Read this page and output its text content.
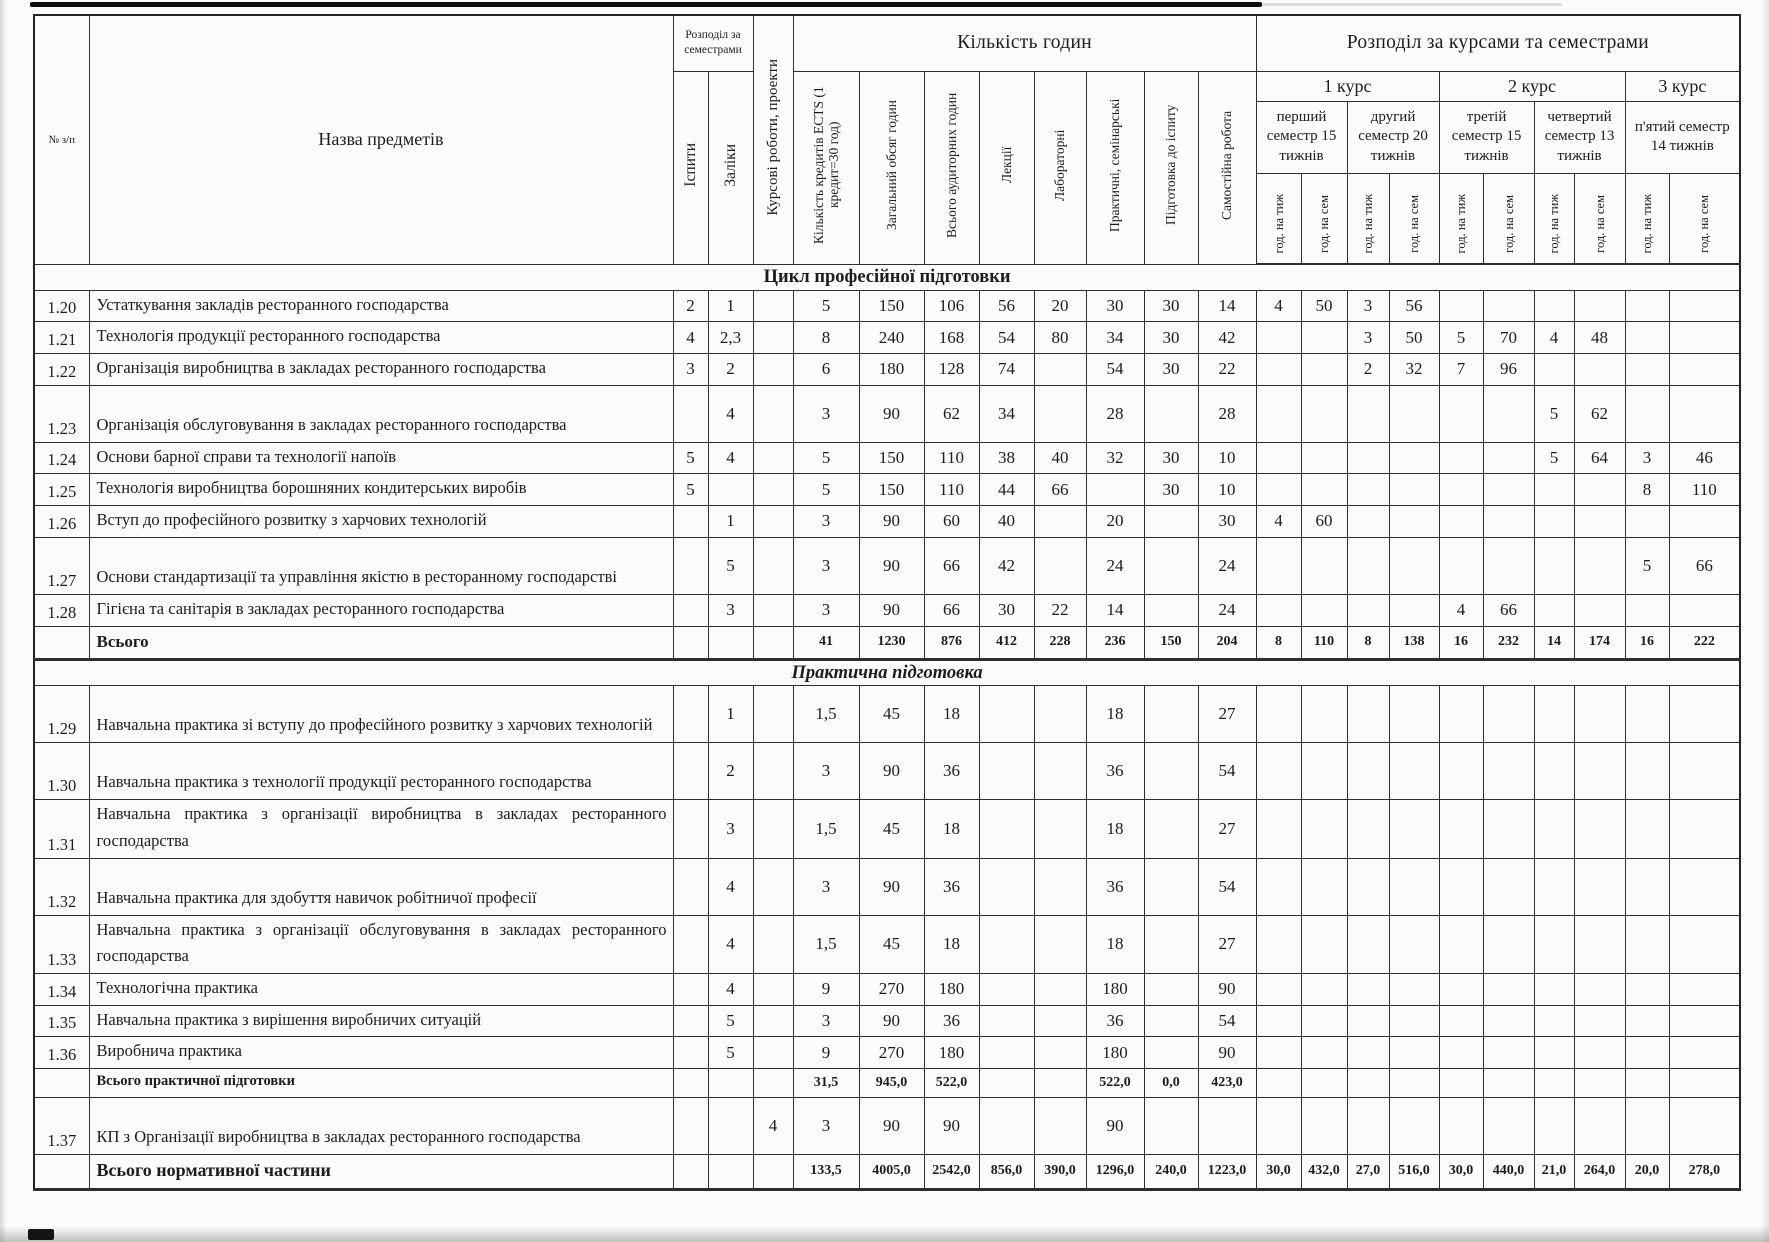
№ з/п	Назва предметів	Розподіл за семестрами		Курсові роботи, проекти	Кількість годин								Розподіл за курсами та семестрами									
		Іспити	Заліки		Кількість кредитів ECTS (1 кредит=30 год)	Загальний обсяг годин	Всього аудиторних годин	Лекції	Лабораторні	Практичні, семінарські	Підготовка до іспиту	Самостійна робота	1 курс				2 курс				3 курс	
													перший семестр 15 тижнів		другий семестр 20 тижнів		третій семестр 15 тижнів		четвертий семестр 13 тижнів		п'ятий семестр 14 тижнів	
													год. на тиж	год. на сем	год. на тиж	год. на сем	год. на тиж	год. на сем	год. на тиж	год. на сем	год. на тиж	год. на сем
Цикл професійної підготовки																						
1.20	Устаткування закладів ресторанного господарства	2	1		5	150	106	56	20	30	30	14	4	50	3	56						
1.21	Технологія продукції ресторанного господарства	4	2,3		8	240	168	54	80	34	30	42			3	50	5	70	4	48		
1.22	Організація виробництва в закладах ресторанного господарства	3	2		6	180	128	74		54	30	22			2	32	7	96				
1.23	Організація обслуговування в закладах ресторанного господарства		4		3	90	62	34		28		28							5	62		
1.24	Основи барної справи та технології напоїв	5	4		5	150	110	38	40	32	30	10							5	64	3	46
1.25	Технологія виробництва борошняних кондитерських виробів	5			5	150	110	44	66		30	10									8	110
1.26	Вступ до професійного розвитку з харчових технологій		1		3	90	60	40		20		30	4	60								
1.27	Основи стандартизації та управління якістю в ресторанному господарстві		5		3	90	66	42		24		24									5	66
1.28	Гігієна та санітарія в закладах ресторанного господарства		3		3	90	66	30	22	14		24					4	66				
	Всього				41	1230	876	412	228	236	150	204	8	110	8	138	16	232	14	174	16	222
Практична підготовка																						
1.29	Навчальна практика зі вступу до професійного розвитку з харчових технологій		1		1,5	45	18			18		27										
1.30	Навчальна практика з технології продукції ресторанного господарства		2		3	90	36			36		54										
1.31	Навчальна практика з організації виробництва в закладах ресторанного господарства		3		1,5	45	18			18		27										
1.32	Навчальна практика для здобуття навичок робітничої професії		4		3	90	36			36		54										
1.33	Навчальна практика з організації обслуговування в закладах ресторанного господарства		4		1,5	45	18			18		27										
1.34	Технологічна практика		4		9	270	180			180		90										
1.35	Навчальна практика з вирішення виробничих ситуацій		5		3	90	36			36		54										
1.36	Виробнича практика		5		9	270	180			180		90										
	Всього практичної підготовки				31,5	945,0	522,0			522,0	0,0	423,0										
1.37	КП з Організації виробництва в закладах ресторанного господарства			4	3	90	90			90												
	Всього нормативної частини				133,5	4005,0	2542,0	856,0	390,0	1296,0	240,0	1223,0	30,0	432,0	27,0	516,0	30,0	440,0	21,0	264,0	20,0	278,0
